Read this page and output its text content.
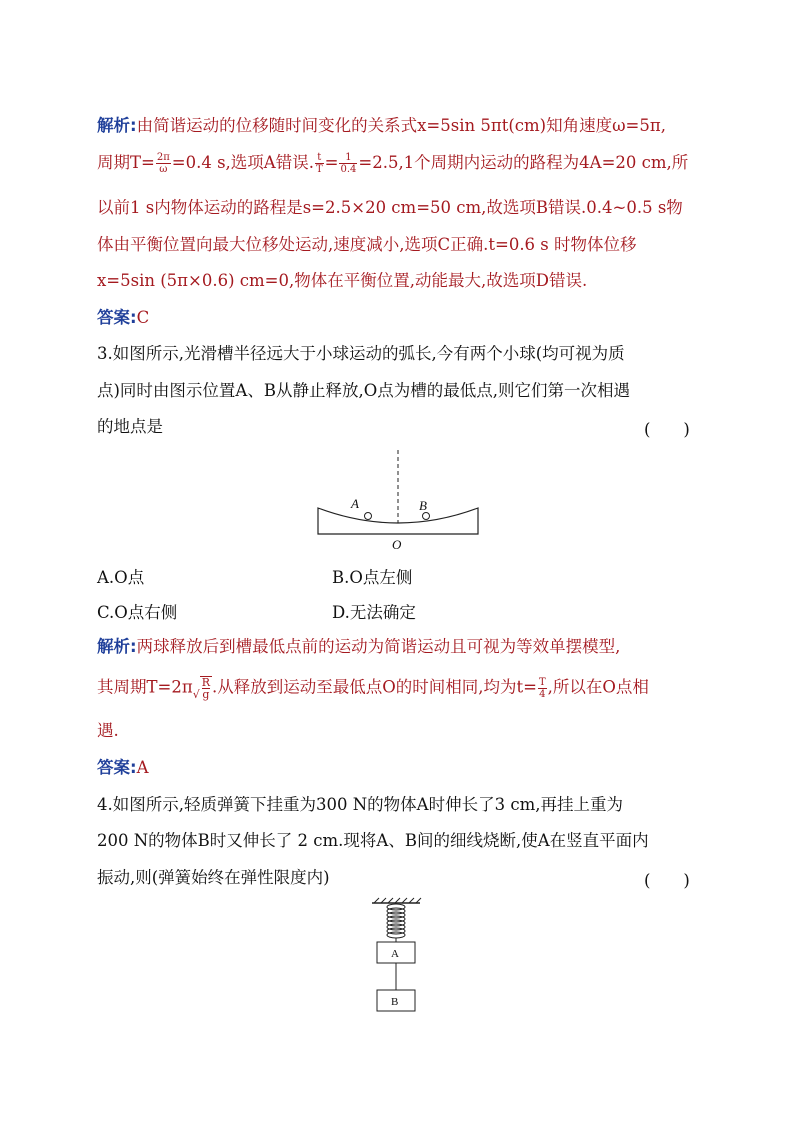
解析:由简谐运动的位移随时间变化的关系式x=5sin 5πt(cm)知角速度ω=5π,
周期$T= \frac{2\pi}{\omega} =0.4$ s,选项A错误. $\frac{t}{T} = \frac{1}{0.4} =2.5,1$个周期内运动的路程为4A=20 cm,所
以前1 s内物体运动的路程是s=2.5×20 cm=50 cm,故选项B错误.0.4~0.5 s物
体由平衡位置向最大位移处运动,速度减小,选项C正确.t=0.6 s 时物体位移
x=5sin (5π×0.6) cm=0,物体在平衡位置,动能最大,故选项D错误.
答案:C
3.如图所示,光滑槽半径远大于小球运动的弧长,今有两个小球(均可视为质
点)同时由图示位置A、B从静止释放,O点为槽的最低点,则它们第一次相遇
的地点是	(　　)
A	B
O
A.O点	B.O点左侧
C.O点右侧	D.无法确定
解析:两球释放后到槽最低点前的运动为简谐运动且可视为等效单摆模型,
其周期$T=2\pi√ \frac{R}{g}$ .从释放到运动至最低点O的时间相同,均为$t= \frac{T}{4}$ ,所以在O点相
遇.
答案:A
4.如图所示,轻质弹簧下挂重为300 N的物体A时伸长了3 cm,再挂上重为
200 N的物体B时又伸长了 2 cm.现将A、B间的细线烧断,使A在竖直平面内
振动,则(弹簧始终在弹性限度内)	(　　)
A
B
